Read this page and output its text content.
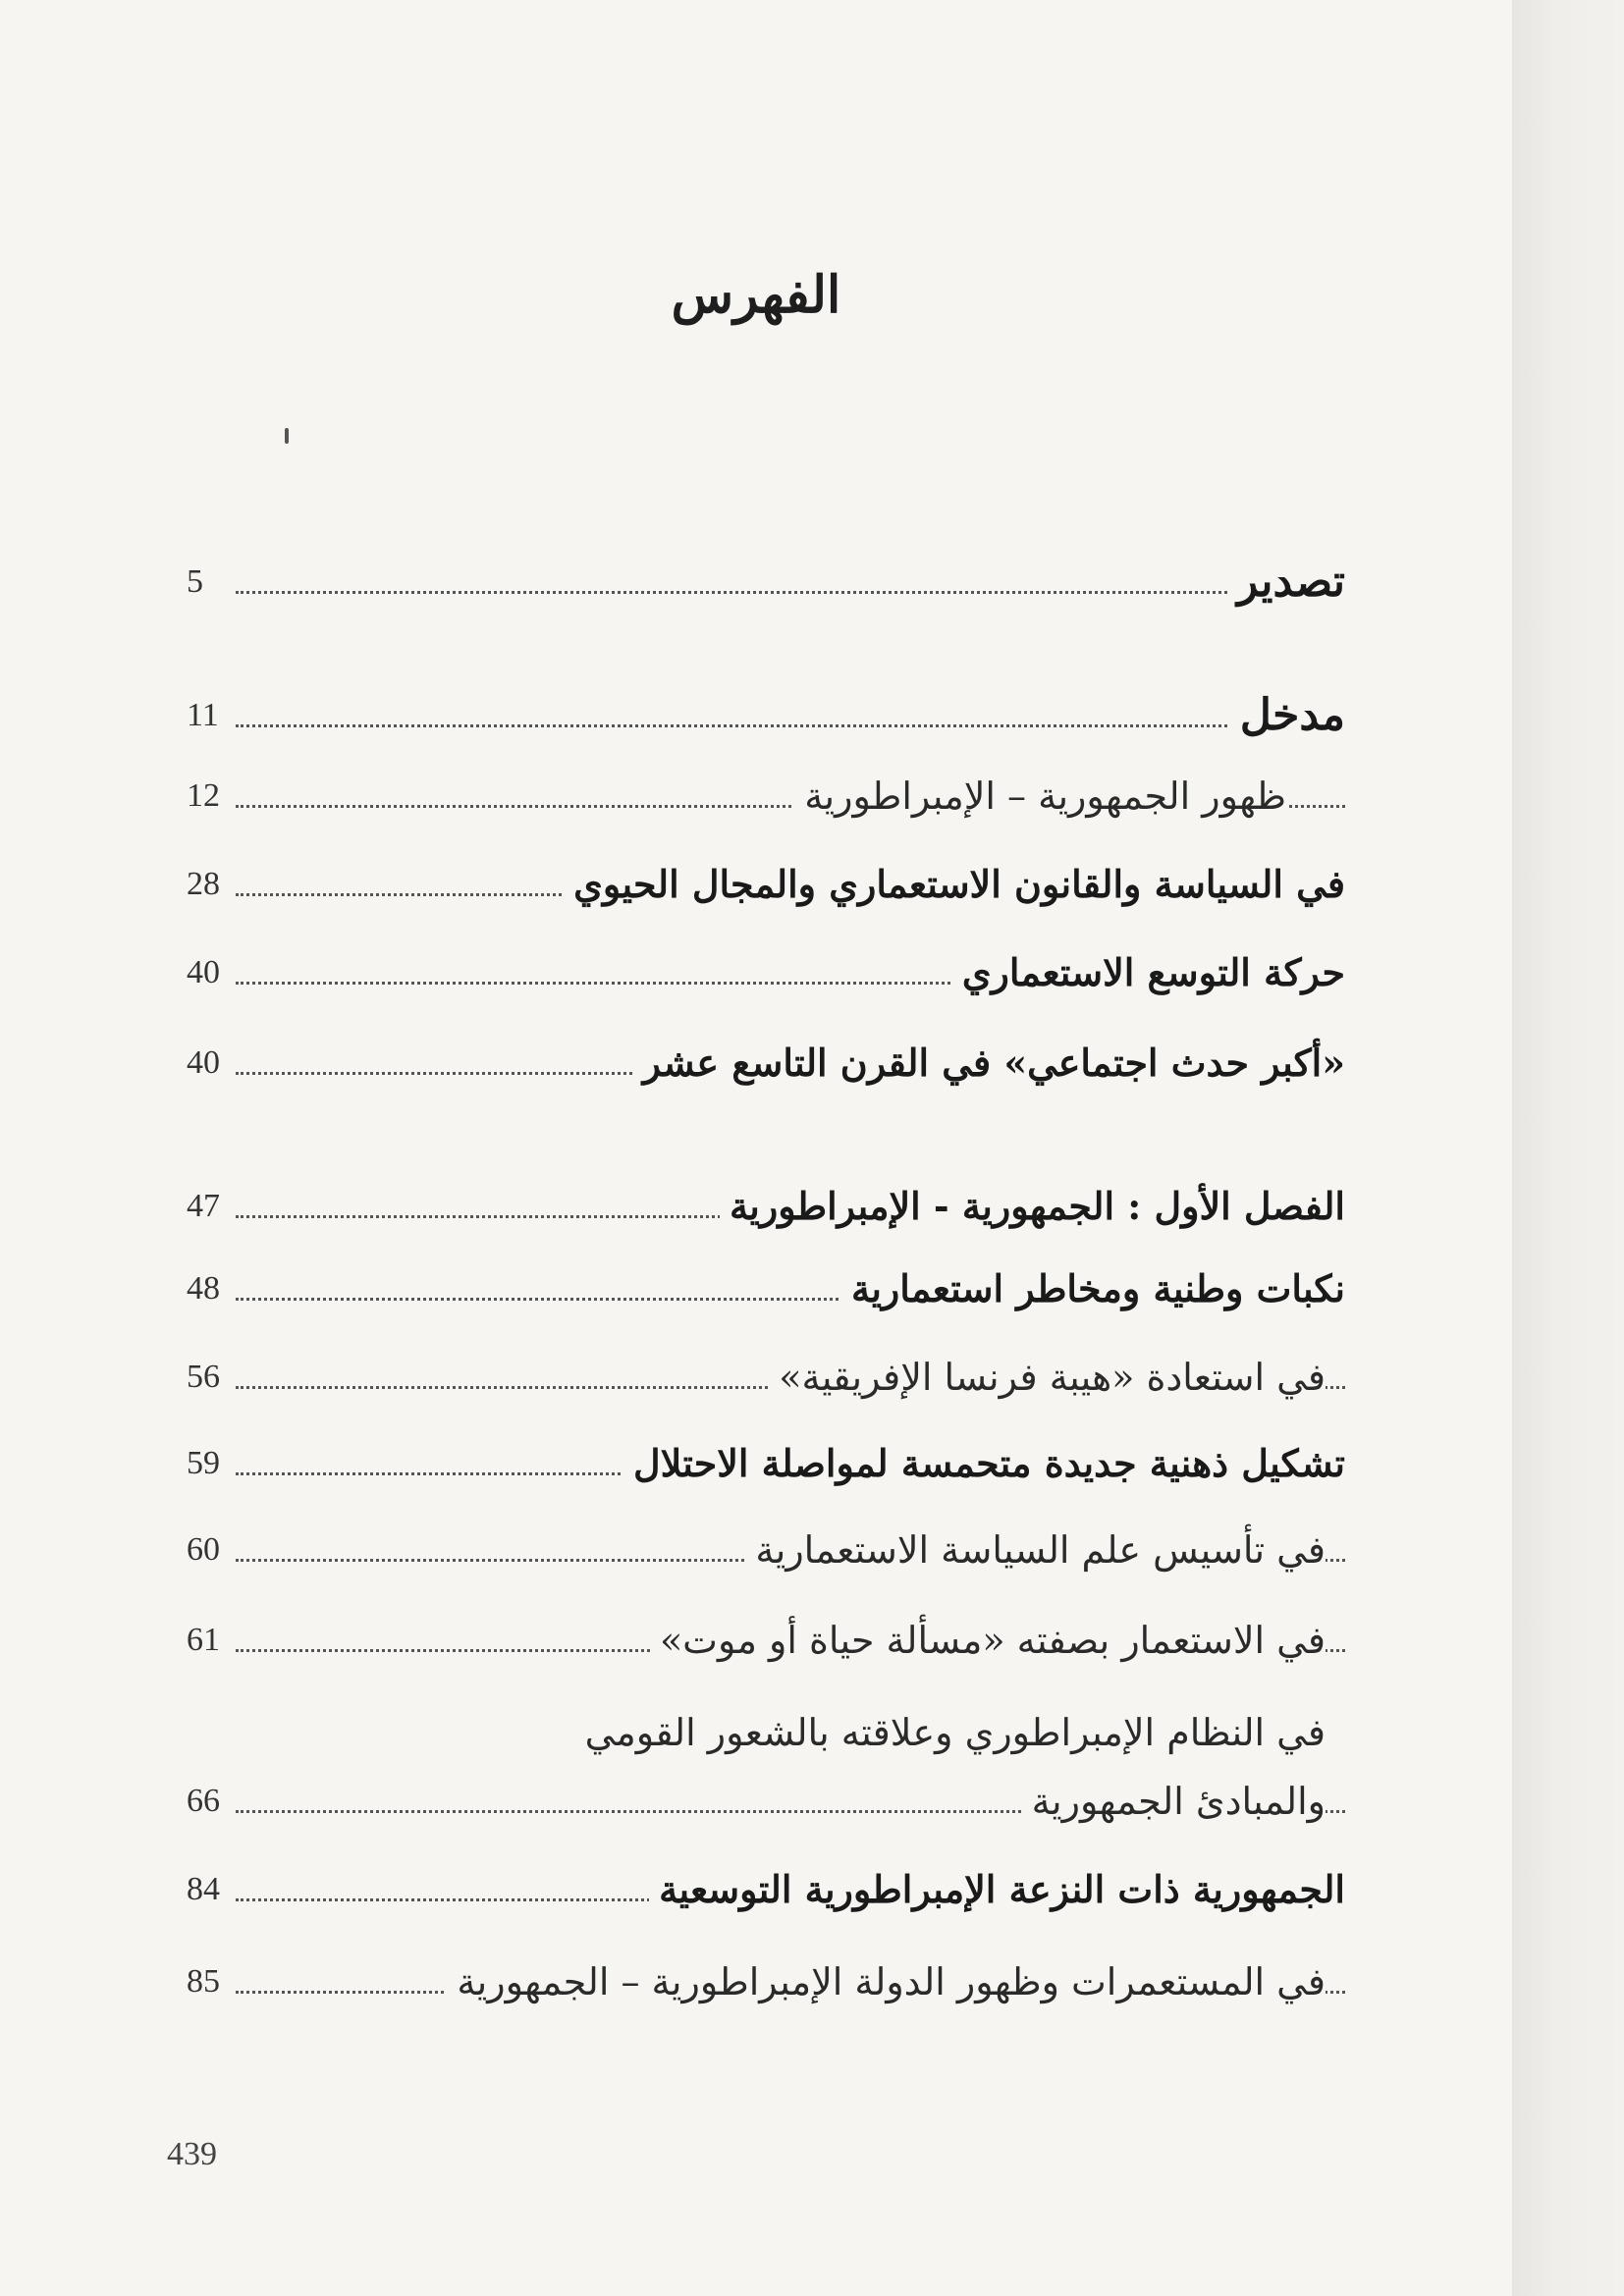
الفهرس
تصدير
5
مدخل
11
ظهور الجمهورية – الإمبراطورية
12
في السياسة والقانون الاستعماري والمجال الحيوي
28
حركة التوسع الاستعماري
40
«أكبر حدث اجتماعي» في القرن التاسع عشر
40
الفصل الأول : الجمهورية - الإمبراطورية
47
نكبات وطنية ومخاطر استعمارية
48
في استعادة «هيبة فرنسا الإفريقية»
56
تشكيل ذهنية جديدة متحمسة لمواصلة الاحتلال
59
في تأسيس علم السياسة الاستعمارية
60
في الاستعمار بصفته «مسألة حياة أو موت»
61
في النظام الإمبراطوري وعلاقته بالشعور القومي
والمبادئ الجمهورية
66
الجمهورية ذات النزعة الإمبراطورية التوسعية
84
في المستعمرات وظهور الدولة الإمبراطورية – الجمهورية
85
439
